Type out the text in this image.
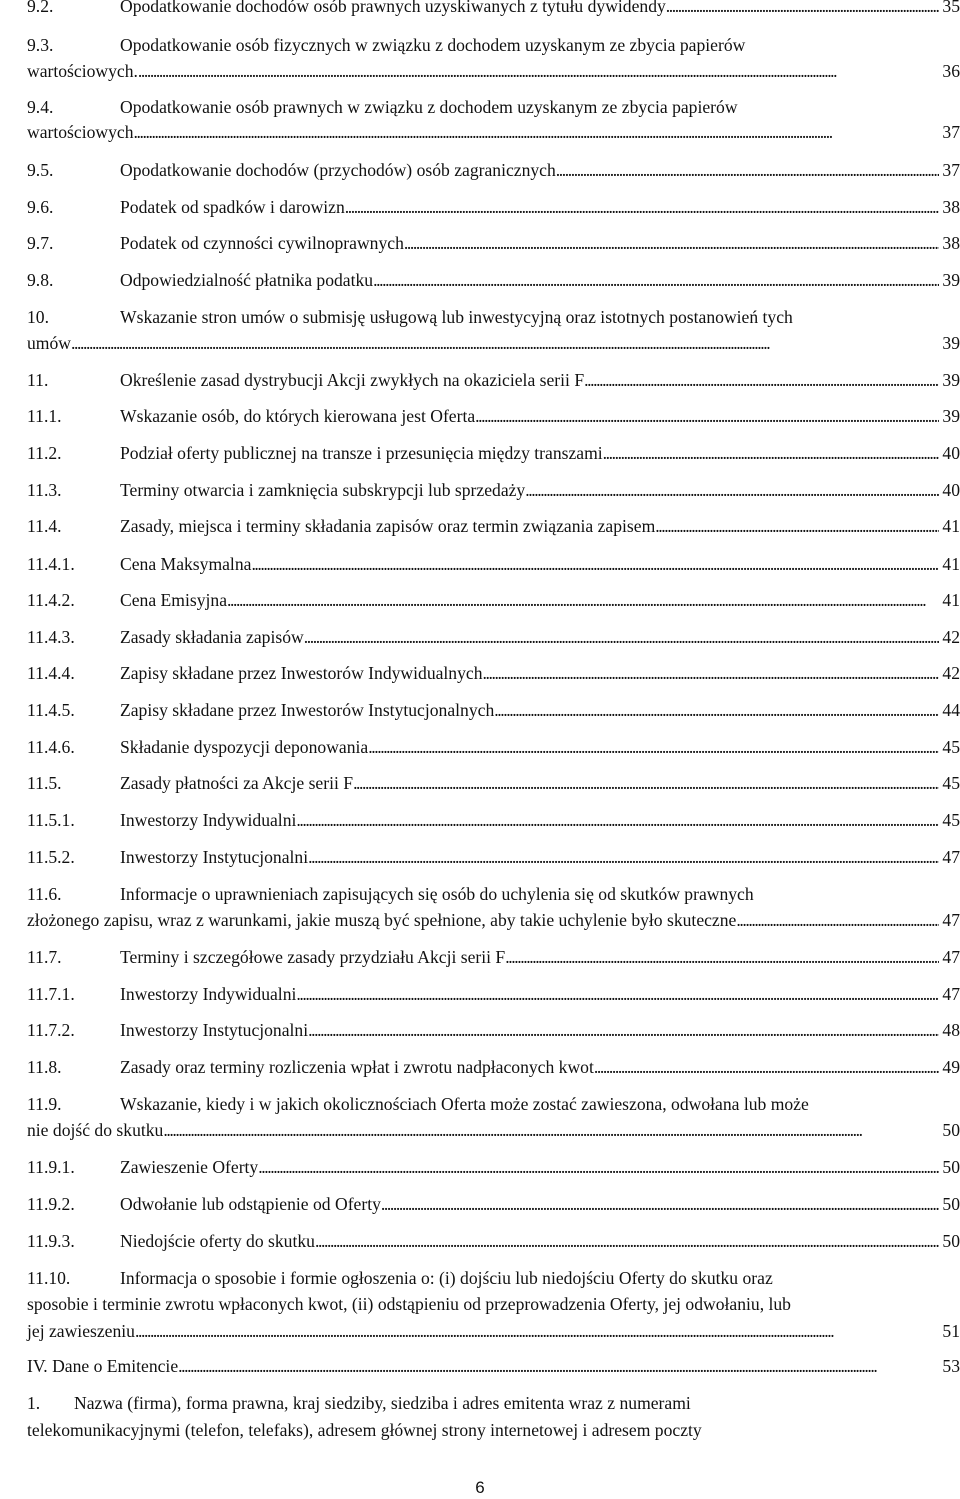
9.2.	Opodatkowanie dochodów osób prawnych uzyskiwanych z tytułu dywidendy . . .	35
9.3.	Opodatkowanie osób fizycznych w związku z dochodem uzyskanym ze zbycia papierów
wartościowych. . . .	36
9.4.	Opodatkowanie osób prawnych w związku z dochodem uzyskanym ze zbycia papierów
wartościowych . . .	37
9.5.	Opodatkowanie dochodów (przychodów) osób zagranicznych . . .	37
9.6.	Podatek od spadków i darowizn . . .	38
9.7.	Podatek od czynności cywilnoprawnych . . .	38
9.8.	Odpowiedzialność płatnika podatku . . .	39
10.	Wskazanie stron umów o submisję usługową lub inwestycyjną oraz istotnych postanowień tych
umów . . .	39
11.	Określenie zasad dystrybucji Akcji zwykłych na okaziciela serii F . . .	39
11.1.	Wskazanie osób, do których kierowana jest Oferta . . .	39
11.2.	Podział oferty publicznej na transze i przesunięcia między transzami . . .	40
11.3.	Terminy otwarcia i zamknięcia subskrypcji lub sprzedaży . . .	40
11.4.	Zasady, miejsca i terminy składania zapisów oraz termin związania zapisem . . .	41
11.4.1.	Cena Maksymalna . . .	41
11.4.2.	Cena Emisyjna . . .	41
11.4.3.	Zasady składania zapisów . . .	42
11.4.4.	Zapisy składane przez Inwestorów Indywidualnych . . .	42
11.4.5.	Zapisy składane przez Inwestorów Instytucjonalnych . . .	44
11.4.6.	Składanie dyspozycji deponowania . . .	45
11.5.	Zasady płatności za Akcje serii F . . .	45
11.5.1.	Inwestorzy Indywidualni . . .	45
11.5.2.	Inwestorzy Instytucjonalni . . .	47
11.6.	Informacje o uprawnieniach zapisujących się osób do uchylenia się od skutków prawnych
złożonego zapisu, wraz z warunkami, jakie muszą być spełnione, aby takie uchylenie było skuteczne . . .	47
11.7.	Terminy i szczegółowe zasady przydziału Akcji serii F . . .	47
11.7.1.	Inwestorzy Indywidualni . . .	47
11.7.2.	Inwestorzy Instytucjonalni . . .	48
11.8.	Zasady oraz terminy rozliczenia wpłat i zwrotu nadpłaconych kwot . . .	49
11.9.	Wskazanie, kiedy i w jakich okolicznościach Oferta może zostać zawieszona, odwołana lub może
nie dojść do skutku . . .	50
11.9.1.	Zawieszenie Oferty . . .	50
11.9.2.	Odwołanie lub odstąpienie od Oferty . . .	50
11.9.3.	Niedojście oferty do skutku . . .	50
11.10.	Informacja o sposobie i formie ogłoszenia o: (i) dojściu lub niedojściu Oferty do skutku oraz
sposobie i terminie zwrotu wpłaconych kwot, (ii) odstąpieniu od przeprowadzenia Oferty, jej odwołaniu, lub
jej zawieszeniu . . .	51
IV. Dane o Emitencie . . .	53
1. Nazwa (firma), forma prawna, kraj siedziby, siedziba i adres emitenta wraz z numerami
telekomunikacyjnymi (telefon, telefaks), adresem głównej strony internetowej i adresem poczty
6
